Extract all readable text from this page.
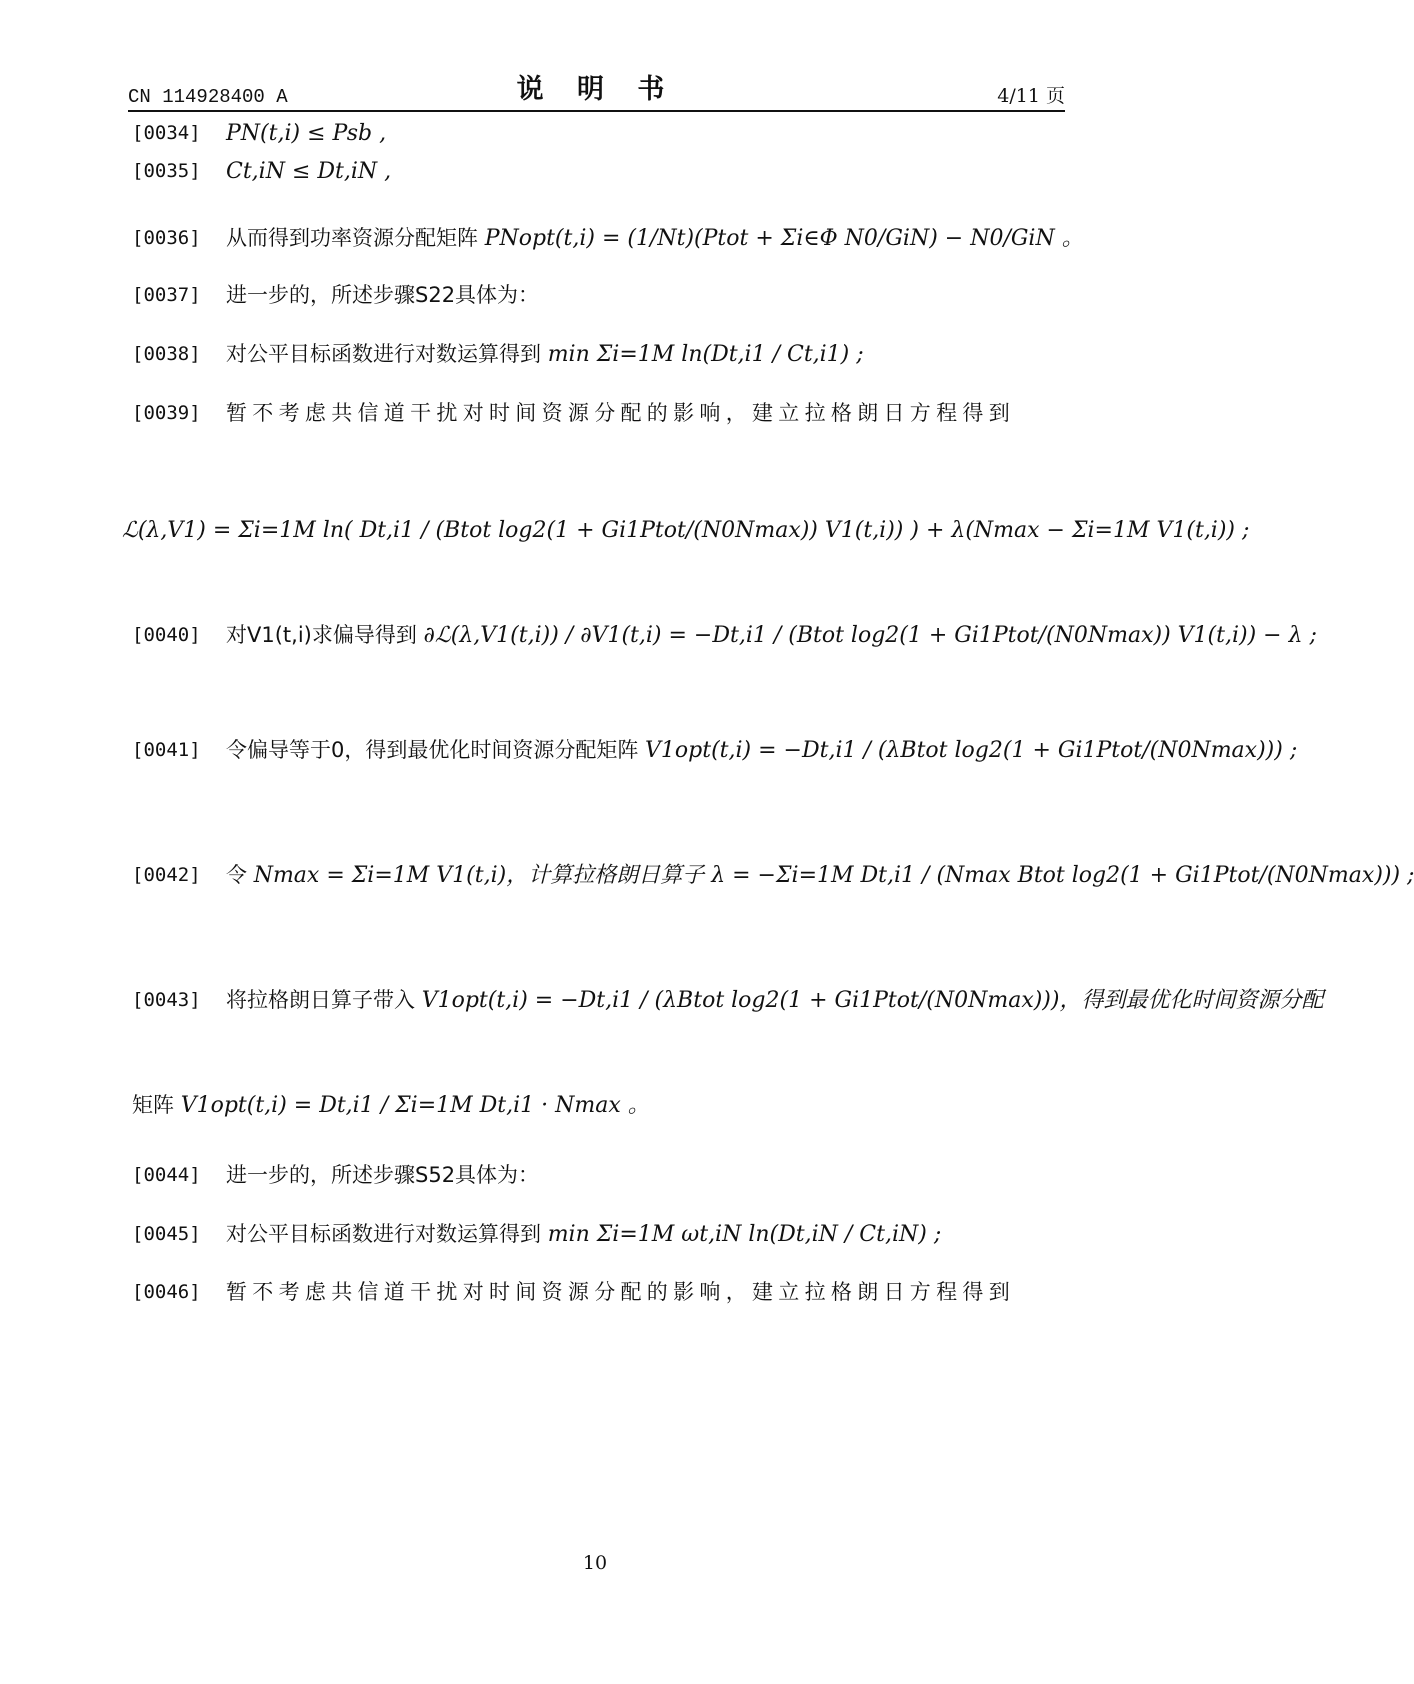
CN 114928400 A	说 明 书	4/11 页
[0034] PN(t,i) ≤ Psb ,
[0035] Ct,iN ≤ Dt,iN ,
[0036] 从而得到功率资源分配矩阵 PNopt(t,i) = (1/Nt)(Ptot + Σi∈Φ N0/GiN) − N0/GiN 。
[0037] 进一步的，所述步骤S22具体为：
[0038] 对公平目标函数进行对数运算得到 min Σi=1M ln(Dt,i1 / Ct,i1) ;
[0039] 暂不考虑共信道干扰对时间资源分配的影响，建立拉格朗日方程得到
ℒ(λ,V1) = Σi=1M ln( Dt,i1 / (Btot log2(1 + Gi1Ptot/(N0Nmax)) V1(t,i)) ) + λ(Nmax − Σi=1M V1(t,i)) ;
[0040] 对V1(t,i)求偏导得到 ∂ℒ(λ,V1(t,i)) / ∂V1(t,i) = −Dt,i1 / (Btot log2(1 + Gi1Ptot/(N0Nmax)) V1(t,i)) − λ ;
[0041] 令偏导等于0，得到最优化时间资源分配矩阵 V1opt(t,i) = −Dt,i1 / (λBtot log2(1 + Gi1Ptot/(N0Nmax))) ;
[0042] 令 Nmax = Σi=1M V1(t,i)，计算拉格朗日算子 λ = −Σi=1M Dt,i1 / (Nmax Btot log2(1 + Gi1Ptot/(N0Nmax))) ;
[0043] 将拉格朗日算子带入 V1opt(t,i) = −Dt,i1 / (λBtot log2(1 + Gi1Ptot/(N0Nmax)))，得到最优化时间资源分配
矩阵 V1opt(t,i) = Dt,i1 / Σi=1M Dt,i1 · Nmax 。
[0044] 进一步的，所述步骤S52具体为：
[0045] 对公平目标函数进行对数运算得到 min Σi=1M ωt,iN ln(Dt,iN / Ct,iN) ;
[0046] 暂不考虑共信道干扰对时间资源分配的影响，建立拉格朗日方程得到
10
